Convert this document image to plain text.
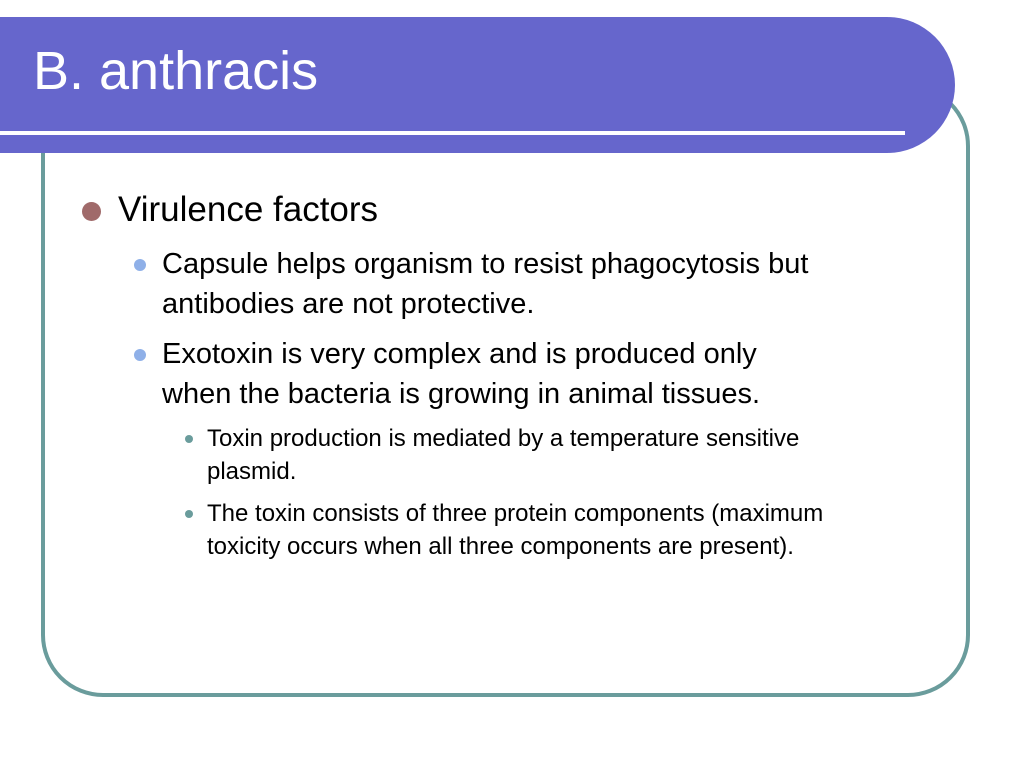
B. anthracis
Virulence factors
Capsule helps organism to resist phagocytosis but
antibodies are not protective.
Exotoxin is very complex and is produced only
when the bacteria is growing in animal tissues.
Toxin production is mediated by a temperature sensitive
plasmid.
The toxin consists of three protein components (maximum
toxicity occurs when all three components are present).
